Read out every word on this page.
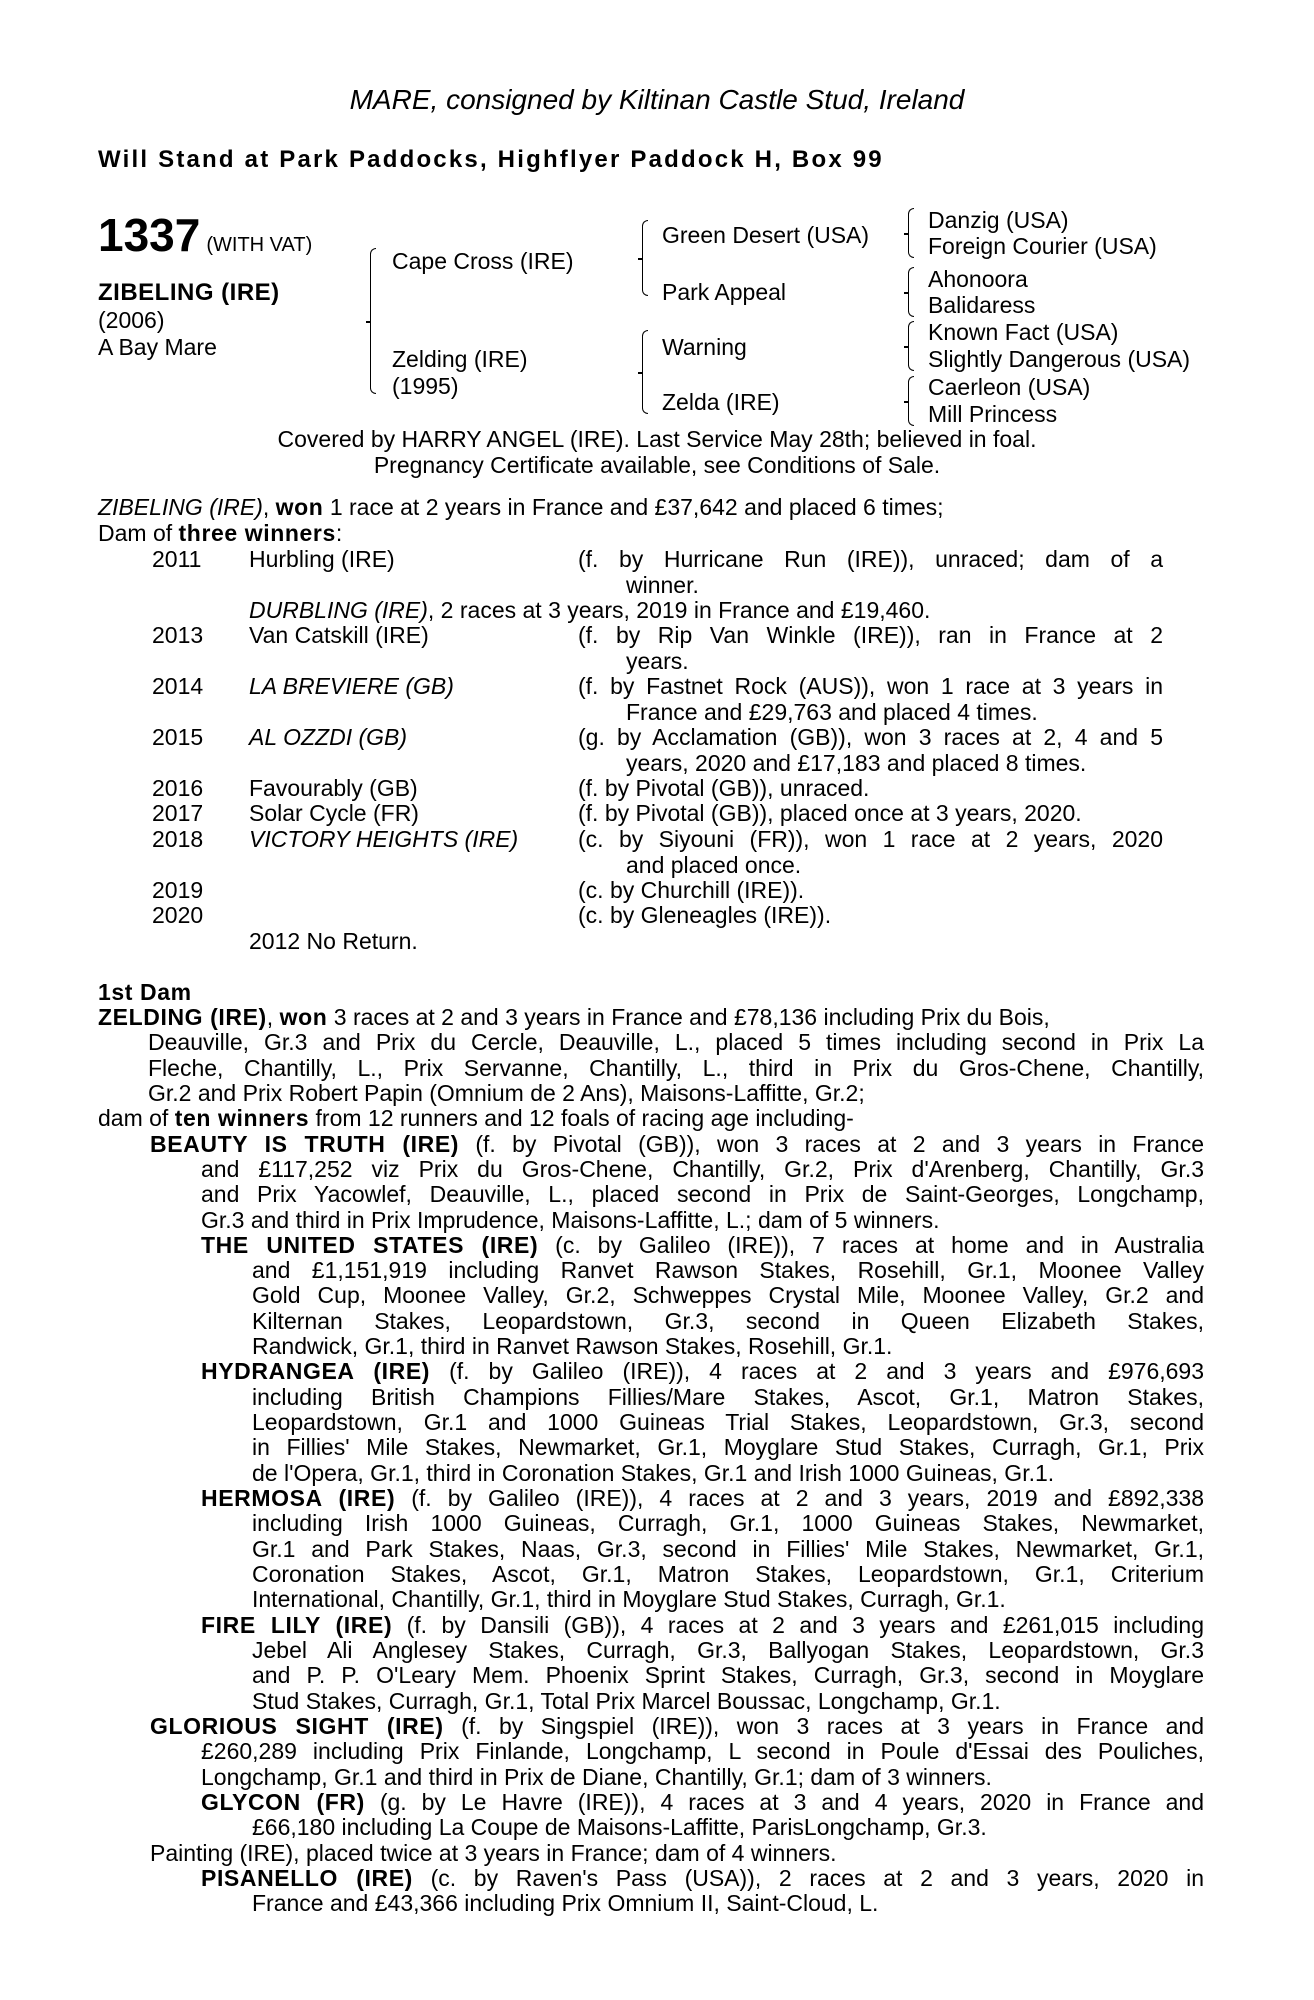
MARE, consigned by Kiltinan Castle Stud, Ireland
Will Stand at Park Paddocks, Highflyer Paddock H, Box 99
1337 (WITH VAT)
ZIBELING (IRE)
(2006)
A Bay Mare
Cape Cross (IRE)
Zelding (IRE)
(1995)
Green Desert (USA)
Park Appeal
Warning
Zelda (IRE)
Danzig (USA)
Foreign Courier (USA)
Ahonoora
Balidaress
Known Fact (USA)
Slightly Dangerous (USA)
Caerleon (USA)
Mill Princess
Covered by HARRY ANGEL (IRE). Last Service May 28th; believed in foal.
Pregnancy Certificate available, see Conditions of Sale.
ZIBELING (IRE), won 1 race at 2 years in France and £37,642 and placed 6 times;
Dam of three winners:
2011 Hurbling (IRE)	(f. by Hurricane Run (IRE)), unraced; dam of a
winner.
DURBLING (IRE), 2 races at 3 years, 2019 in France and £19,460.
2013 Van Catskill (IRE)	(f. by Rip Van Winkle (IRE)), ran in France at 2
years.
2014 LA BREVIERE (GB)	(f. by Fastnet Rock (AUS)), won 1 race at 3 years in
France and £29,763 and placed 4 times.
2015 AL OZZDI (GB)	(g. by Acclamation (GB)), won 3 races at 2, 4 and 5
years, 2020 and £17,183 and placed 8 times.
2016 Favourably (GB)	(f. by Pivotal (GB)), unraced.
2017 Solar Cycle (FR)	(f. by Pivotal (GB)), placed once at 3 years, 2020.
2018 VICTORY HEIGHTS (IRE)	(c. by Siyouni (FR)), won 1 race at 2 years, 2020
and placed once.
2019	(c. by Churchill (IRE)).
2020	(c. by Gleneagles (IRE)).
2012 No Return.
1st Dam
ZELDING (IRE), won 3 races at 2 and 3 years in France and £78,136 including Prix du Bois,
Deauville, Gr.3 and Prix du Cercle, Deauville, L., placed 5 times including second in Prix La
Fleche, Chantilly, L., Prix Servanne, Chantilly, L., third in Prix du Gros-Chene, Chantilly,
Gr.2 and Prix Robert Papin (Omnium de 2 Ans), Maisons-Laffitte, Gr.2;
dam of ten winners from 12 runners and 12 foals of racing age including-
BEAUTY IS TRUTH (IRE) (f. by Pivotal (GB)), won 3 races at 2 and 3 years in France
and £117,252 viz Prix du Gros-Chene, Chantilly, Gr.2, Prix d'Arenberg, Chantilly, Gr.3
and Prix Yacowlef, Deauville, L., placed second in Prix de Saint-Georges, Longchamp,
Gr.3 and third in Prix Imprudence, Maisons-Laffitte, L.; dam of 5 winners.
THE UNITED STATES (IRE) (c. by Galileo (IRE)), 7 races at home and in Australia
and £1,151,919 including Ranvet Rawson Stakes, Rosehill, Gr.1, Moonee Valley
Gold Cup, Moonee Valley, Gr.2, Schweppes Crystal Mile, Moonee Valley, Gr.2 and
Kilternan Stakes, Leopardstown, Gr.3, second in Queen Elizabeth Stakes,
Randwick, Gr.1, third in Ranvet Rawson Stakes, Rosehill, Gr.1.
HYDRANGEA (IRE) (f. by Galileo (IRE)), 4 races at 2 and 3 years and £976,693
including British Champions Fillies/Mare Stakes, Ascot, Gr.1, Matron Stakes,
Leopardstown, Gr.1 and 1000 Guineas Trial Stakes, Leopardstown, Gr.3, second
in Fillies' Mile Stakes, Newmarket, Gr.1, Moyglare Stud Stakes, Curragh, Gr.1, Prix
de l'Opera, Gr.1, third in Coronation Stakes, Gr.1 and Irish 1000 Guineas, Gr.1.
HERMOSA (IRE) (f. by Galileo (IRE)), 4 races at 2 and 3 years, 2019 and £892,338
including Irish 1000 Guineas, Curragh, Gr.1, 1000 Guineas Stakes, Newmarket,
Gr.1 and Park Stakes, Naas, Gr.3, second in Fillies' Mile Stakes, Newmarket, Gr.1,
Coronation Stakes, Ascot, Gr.1, Matron Stakes, Leopardstown, Gr.1, Criterium
International, Chantilly, Gr.1, third in Moyglare Stud Stakes, Curragh, Gr.1.
FIRE LILY (IRE) (f. by Dansili (GB)), 4 races at 2 and 3 years and £261,015 including
Jebel Ali Anglesey Stakes, Curragh, Gr.3, Ballyogan Stakes, Leopardstown, Gr.3
and P. P. O'Leary Mem. Phoenix Sprint Stakes, Curragh, Gr.3, second in Moyglare
Stud Stakes, Curragh, Gr.1, Total Prix Marcel Boussac, Longchamp, Gr.1.
GLORIOUS SIGHT (IRE) (f. by Singspiel (IRE)), won 3 races at 3 years in France and
£260,289 including Prix Finlande, Longchamp, L second in Poule d'Essai des Pouliches,
Longchamp, Gr.1 and third in Prix de Diane, Chantilly, Gr.1; dam of 3 winners.
GLYCON (FR) (g. by Le Havre (IRE)), 4 races at 3 and 4 years, 2020 in France and
£66,180 including La Coupe de Maisons-Laffitte, ParisLongchamp, Gr.3.
Painting (IRE), placed twice at 3 years in France; dam of 4 winners.
PISANELLO (IRE) (c. by Raven's Pass (USA)), 2 races at 2 and 3 years, 2020 in
France and £43,366 including Prix Omnium II, Saint-Cloud, L.
